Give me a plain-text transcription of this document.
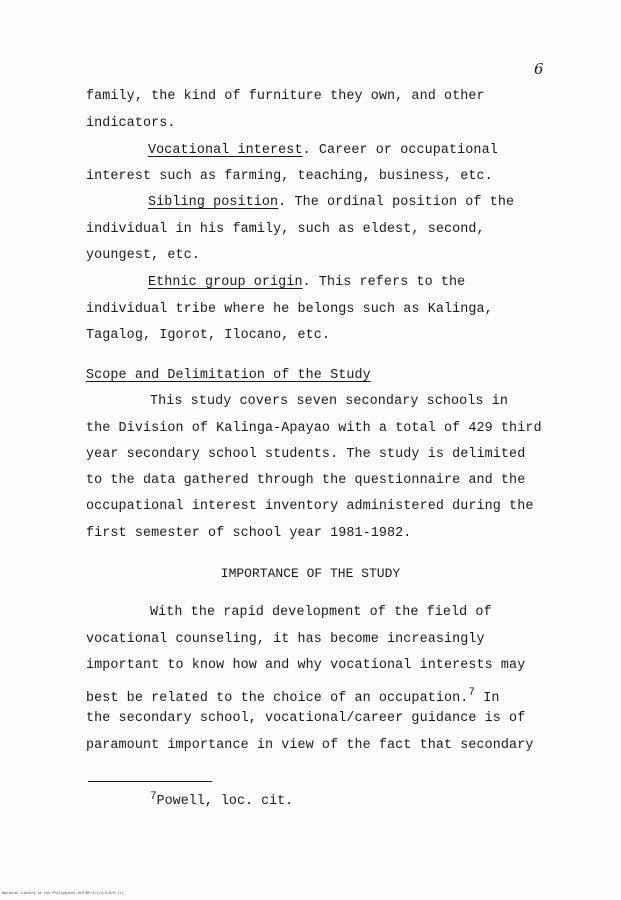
6
family, the kind of furniture they own, and other
indicators.
Vocational interest. Career or occupational
interest such as farming, teaching, business, etc.
Sibling position. The ordinal position of the
individual in his family, such as eldest, second,
youngest, etc.
Ethnic group origin. This refers to the
individual tribe where he belongs such as Kalinga,
Tagalog, Igorot, Ilocano, etc.
Scope and Delimitation of the Study
This study covers seven secondary schools in
the Division of Kalinga-Apayao with a total of 429 third
year secondary school students. The study is delimited
to the data gathered through the questionnaire and the
occupational interest inventory administered during the
first semester of school year 1981-1982.
IMPORTANCE OF THE STUDY
With the rapid development of the field of
vocational counseling, it has become increasingly
important to know how and why vocational interests may
best be related to the choice of an occupation.$^7$ In
the secondary school, vocational/career guidance is of
paramount importance in view of the fact that secondary
$^7$Powell, loc. cit.
National Library of the Philippines NLP/RF/2/1/2/2/0/0 (c)
